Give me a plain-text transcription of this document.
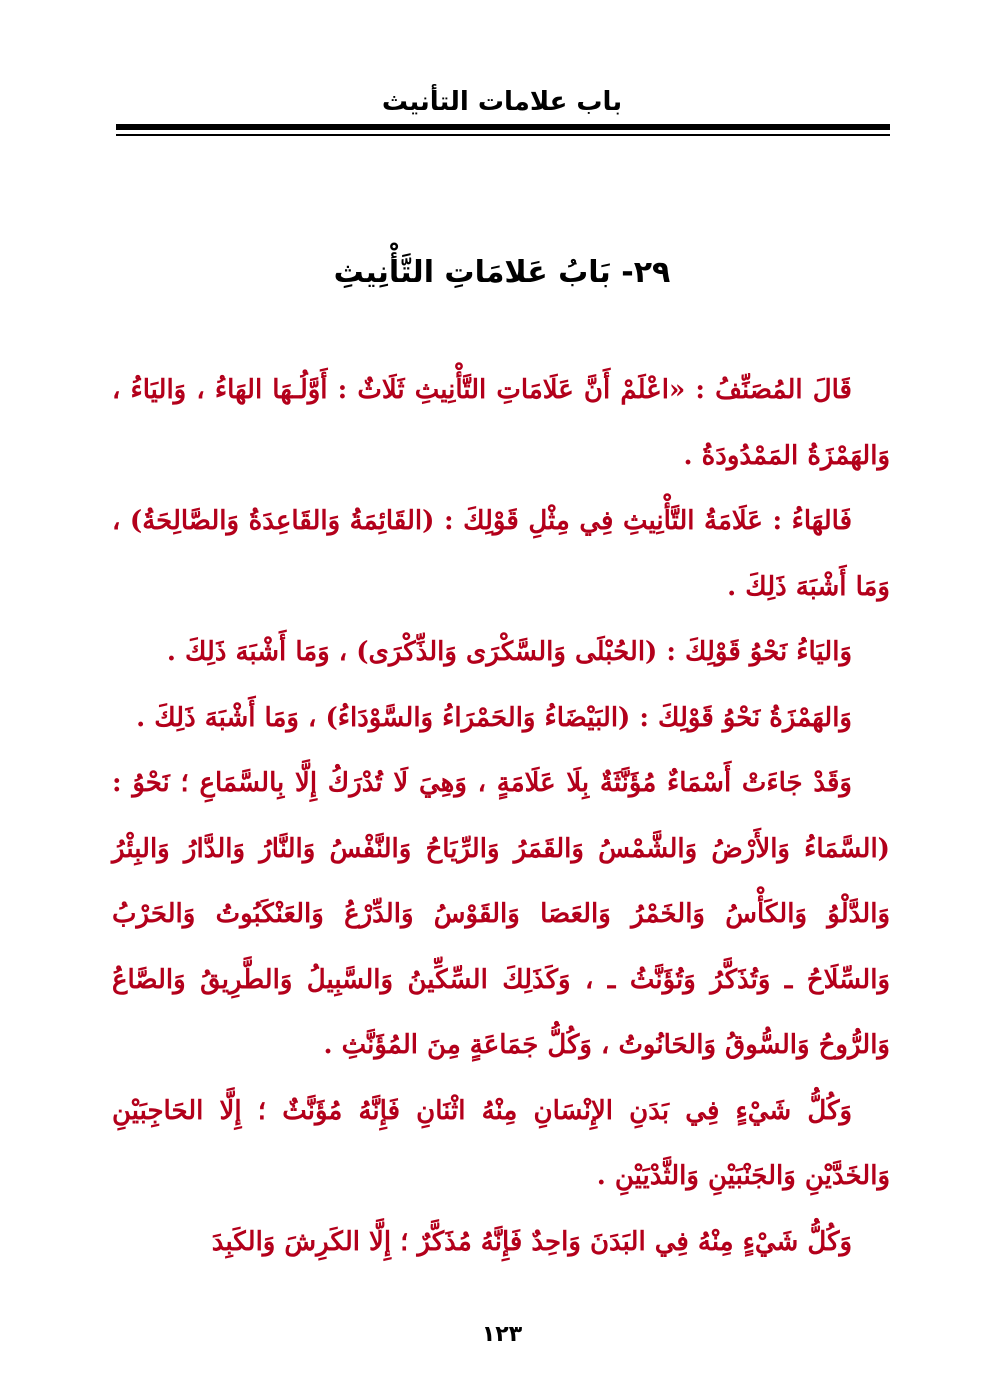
باب علامات التأنيث
٢٩- بَابُ عَلامَاتِ التَّأْنِيثِ

قَالَ المُصَنِّفُ : «اعْلَمْ أَنَّ عَلَامَاتِ التَّأْنِيثِ ثَلَاثٌ : أَوَّلُـهَا الهَاءُ ، وَاليَاءُ ، وَالهَمْزَةُ المَمْدُودَةُ .

فَالهَاءُ : عَلَامَةُ التَّأْنِيثِ فِي مِثْلِ قَوْلِكَ : (القَائِمَةُ وَالقَاعِدَةُ وَالصَّالِحَةُ) ، وَمَا أَشْبَهَ ذَلِكَ .

وَاليَاءُ نَحْوُ قَوْلِكَ : (الحُبْلَى وَالسَّكْرَى وَالذِّكْرَى) ، وَمَا أَشْبَهَ ذَلِكَ .

وَالهَمْزَةُ نَحْوُ قَوْلِكَ : (البَيْضَاءُ وَالحَمْرَاءُ وَالسَّوْدَاءُ) ، وَمَا أَشْبَهَ ذَلِكَ .

وَقَدْ جَاءَتْ أَسْمَاءٌ مُؤَنَّثَةٌ بِلَا عَلَامَةٍ ، وَهِيَ لَا تُدْرَكُ إِلَّا بِالسَّمَاعِ ؛ نَحْوُ : (السَّمَاءُ وَالأَرْضُ وَالشَّمْسُ وَالقَمَرُ وَالرِّيَاحُ وَالنَّفْسُ وَالنَّارُ وَالدَّارُ وَالبِئْرُ وَالدَّلْوُ وَالكَأْسُ وَالخَمْرُ وَالعَصَا وَالقَوْسُ وَالدِّرْعُ وَالعَنْكَبُوتُ وَالحَرْبُ وَالسِّلَاحُ ـ وَتُذَكَّرُ وَتُؤَنَّثُ ـ ، وَكَذَلِكَ السِّكِّينُ وَالسَّبِيلُ وَالطَّرِيقُ وَالصَّاعُ وَالرُّوحُ وَالسُّوقُ وَالحَانُوتُ ، وَكُلُّ جَمَاعَةٍ مِنَ المُؤَنَّثِ .

وَكُلُّ شَيْءٍ فِي بَدَنِ الإِنْسَانِ مِنْهُ اثْنَانِ فَإِنَّهُ مُؤَنَّثٌ ؛ إِلَّا الحَاجِبَيْنِ وَالخَدَّيْنِ وَالجَنْبَيْنِ وَالثَّدْيَيْنِ .

وَكُلُّ شَيْءٍ مِنْهُ فِي البَدَنَ وَاحِدٌ فَإِنَّهُ مُذَكَّرٌ ؛ إِلَّا الكَرِشَ وَالكَبِدَ

١٢٣
